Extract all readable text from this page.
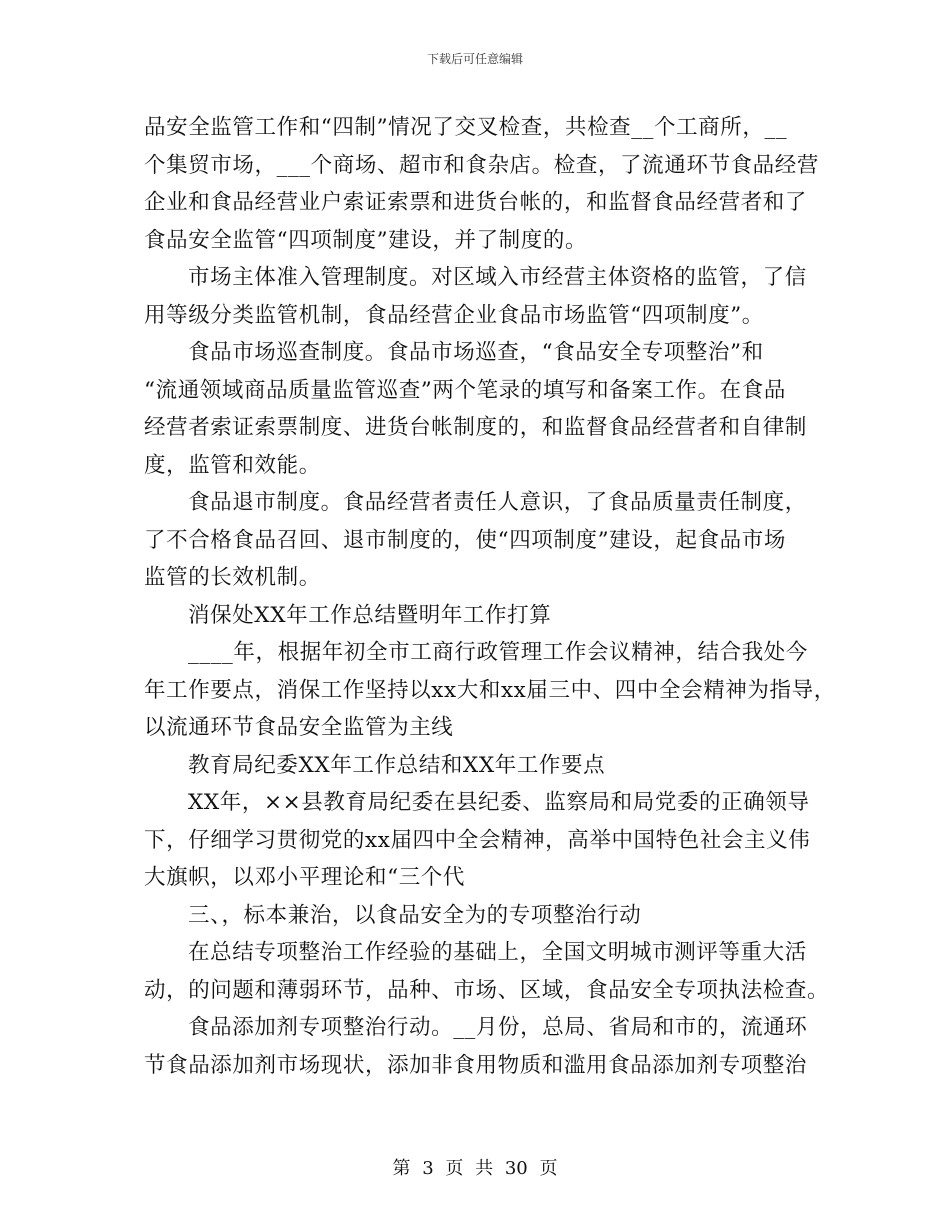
下载后可任意编辑
品安全监管工作和“四制”情况了交叉检查，共检查__个工商所，__
个集贸市场，___个商场、超市和食杂店。检查，了流通环节食品经营
企业和食品经营业户索证索票和进货台帐的，和监督食品经营者和了
食品安全监管“四项制度”建设，并了制度的。
市场主体准入管理制度。对区域入市经营主体资格的监管，了信
用等级分类监管机制，食品经营企业食品市场监管“四项制度”。
食品市场巡查制度。食品市场巡查，“食品安全专项整治”和
“流通领域商品质量监管巡查”两个笔录的填写和备案工作。在食品
经营者索证索票制度、进货台帐制度的，和监督食品经营者和自律制
度，监管和效能。
食品退市制度。食品经营者责任人意识，了食品质量责任制度，
了不合格食品召回、退市制度的，使“四项制度”建设，起食品市场
监管的长效机制。
消保处XX年工作总结暨明年工作打算
____年，根据年初全市工商行政管理工作会议精神，结合我处今
年工作要点，消保工作坚持以xx大和xx届三中、四中全会精神为指导，
以流通环节食品安全监管为主线
教育局纪委XX年工作总结和XX年工作要点
XX年，××县教育局纪委在县纪委、监察局和局党委的正确领导
下，仔细学习贯彻党的xx届四中全会精神，高举中国特色社会主义伟
大旗帜，以邓小平理论和“三个代
三、，标本兼治，以食品安全为的专项整治行动
在总结专项整治工作经验的基础上，全国文明城市测评等重大活
动，的问题和薄弱环节，品种、市场、区域，食品安全专项执法检查。
食品添加剂专项整治行动。__月份，总局、省局和市的，流通环
节食品添加剂市场现状，添加非食用物质和滥用食品添加剂专项整治
第 3 页 共 30 页
